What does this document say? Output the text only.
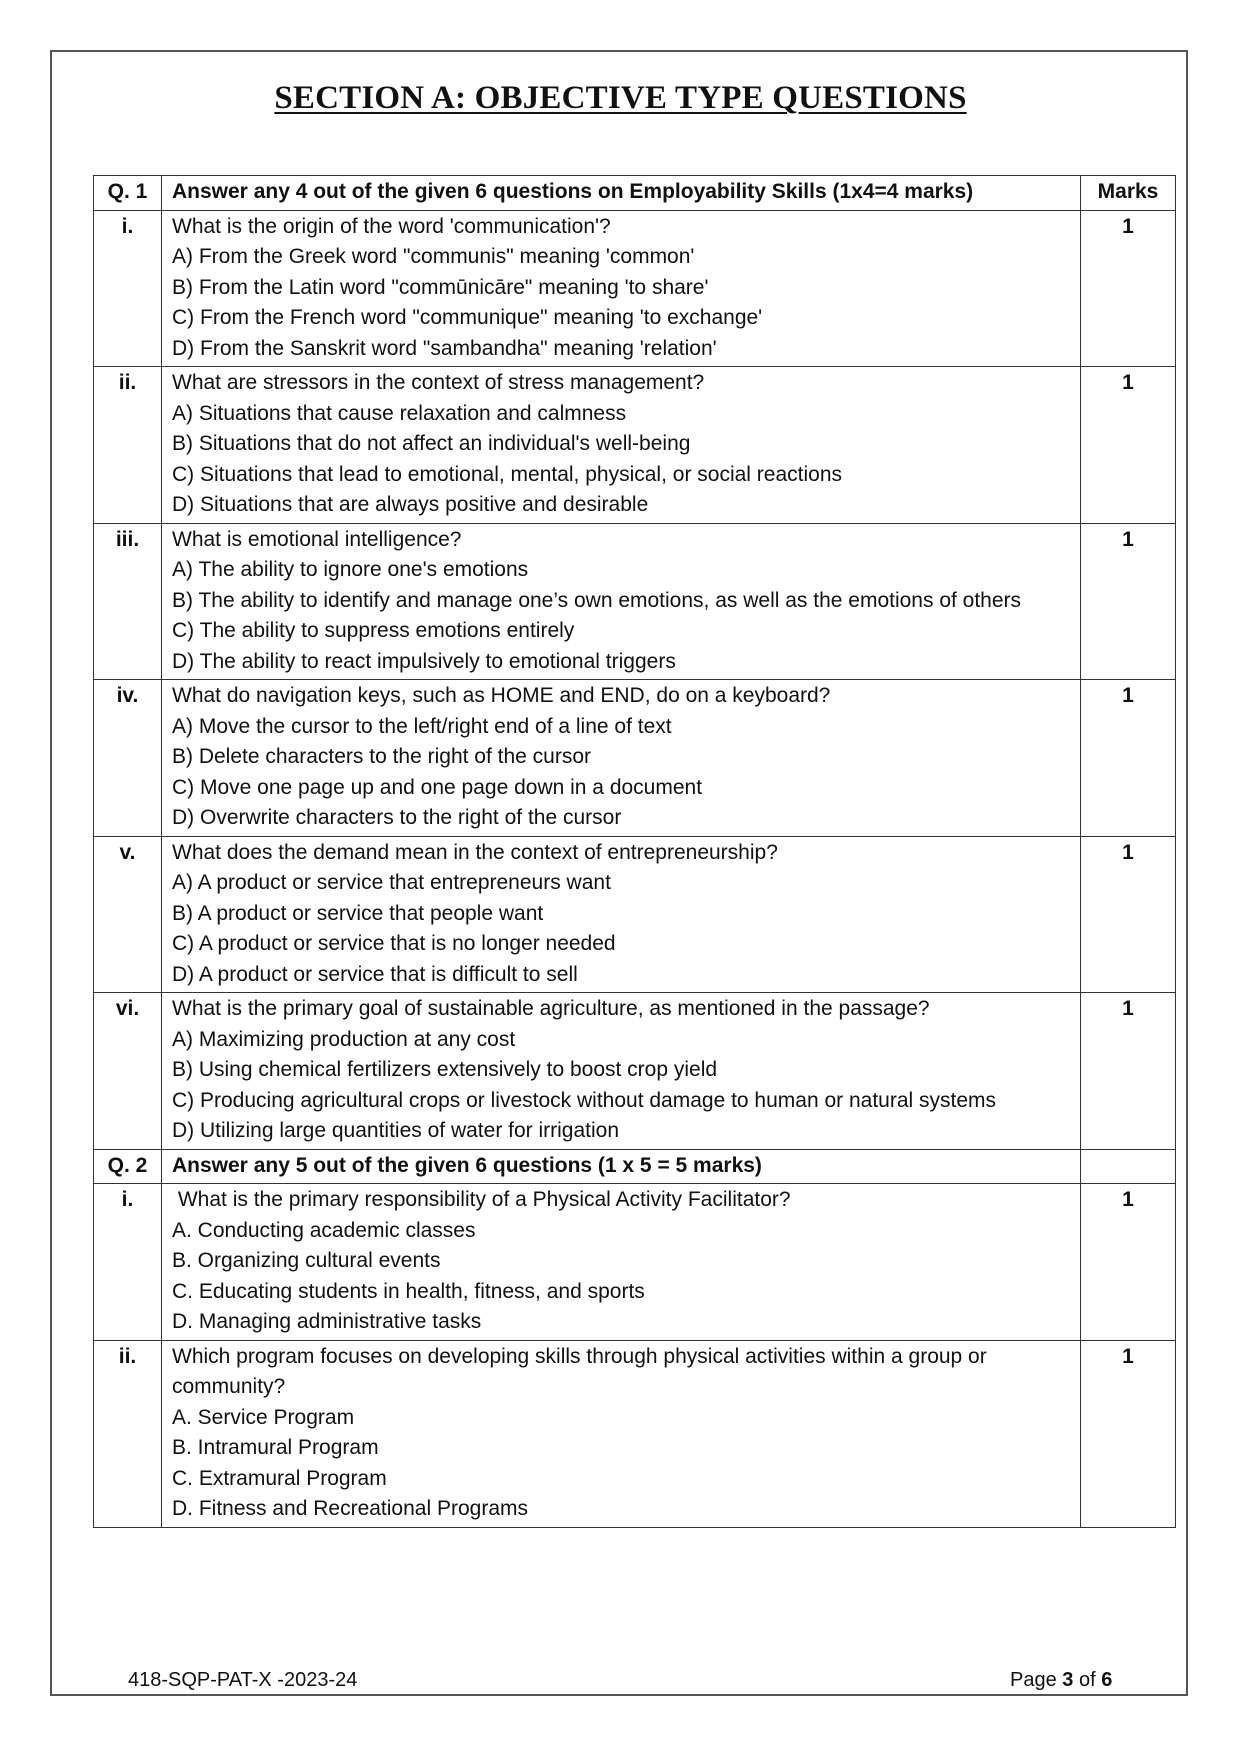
SECTION A: OBJECTIVE TYPE QUESTIONS
Q. 1	Answer any 4 out of the given 6 questions on Employability Skills (1x4=4 marks)	Marks
i.	What is the origin of the word 'communication'?
A) From the Greek word "communis" meaning 'common'
B) From the Latin word "commūnicāre" meaning 'to share'
C) From the French word "communique" meaning 'to exchange'
D) From the Sanskrit word "sambandha" meaning 'relation'	1
ii.	What are stressors in the context of stress management?
A) Situations that cause relaxation and calmness
B) Situations that do not affect an individual's well-being
C) Situations that lead to emotional, mental, physical, or social reactions
D) Situations that are always positive and desirable	1
iii.	What is emotional intelligence?
A) The ability to ignore one's emotions
B) The ability to identify and manage one’s own emotions, as well as the emotions of others
C) The ability to suppress emotions entirely
D) The ability to react impulsively to emotional triggers	1
iv.	What do navigation keys, such as HOME and END, do on a keyboard?
A) Move the cursor to the left/right end of a line of text
B) Delete characters to the right of the cursor
C) Move one page up and one page down in a document
D) Overwrite characters to the right of the cursor	1
v.	What does the demand mean in the context of entrepreneurship?
A) A product or service that entrepreneurs want
B) A product or service that people want
C) A product or service that is no longer needed
D) A product or service that is difficult to sell	1
vi.	What is the primary goal of sustainable agriculture, as mentioned in the passage?
A) Maximizing production at any cost
B) Using chemical fertilizers extensively to boost crop yield
C) Producing agricultural crops or livestock without damage to human or natural systems
D) Utilizing large quantities of water for irrigation	1
Q. 2	Answer any 5 out of the given 6 questions (1 x 5 = 5 marks)	
i.	What is the primary responsibility of a Physical Activity Facilitator?
A. Conducting academic classes
B. Organizing cultural events
C. Educating students in health, fitness, and sports
D. Managing administrative tasks	1
ii.	Which program focuses on developing skills through physical activities within a group or community?
A. Service Program
B. Intramural Program
C. Extramural Program
D. Fitness and Recreational Programs	1
418-SQP-PAT-X -2023-24	Page 3 of 6
